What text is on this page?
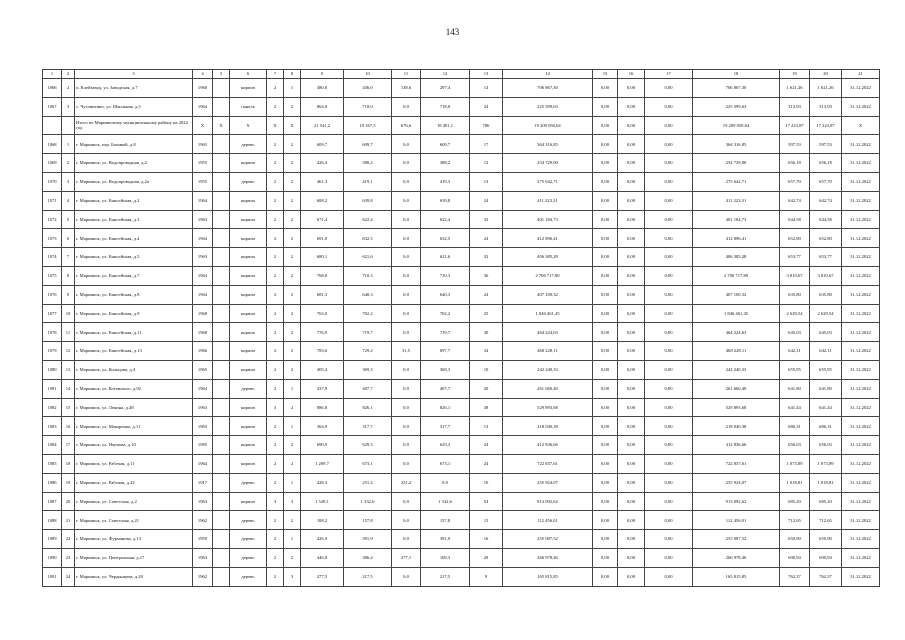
143
1	2	3	4	5	6	7	8	9	10	11	12	13	14	15	16	17	18	19	20	21
1066	2	п. Клейзавод, ул. Заводская, д.7	1960		кирпич	2	1	480,0	436,0	138,6	297,4	14	706 867,30	0,00	0,00	0,00	706 867,30	1 621,26	1 621,26	31.12.2022
1067	3	с. Чусовитино, ул. Школьная, д.5	1964		панель	2	2	864,0	718,0	0,0	718,0	24	225 399,63	0,00	0,00	0,00	225 399,63	313,93	313,93	31.12.2022
		Итого по Мариинскому муниципальному району на 2022 год	X	X	X	X	X	21 541,2	19 167,5	676,6	18 491,1	786	19 209 050,64	0,00	0,00	0,00	19 209 050,64	17 223,87	17 223,87	X
1068	1	г. Мариинск, пер. Базовый, д.8	1965		дерево	2	2	609,7	609,7	0,0	609,7	17	364 316,85	0,00	0,00	0,00	364 316,85	597,53	597,53	31.12.2022
1069	2	г. Мариинск, ул. Водопроводная, д.2	1955		кирпич	2	2	426,3	388,2	0,0	388,2	12	254 729,00	0,00	0,00	0,00	254 729,00	656,18	656,18	31.12.2022
1070	3	г. Мариинск, ул. Водопроводная, д.2а	1955		дерево	2	2	461,3	419,1	0,0	419,3	13	275 642,71	0,00	0,00	0,00	275 642,71	657,70	657,70	31.12.2022
1071	4	г. Мариинск, ул. Енисейская, д.2	1964		кирпич	2	2	688,2	639,8	0,0	639,8	24	411 223,31	0,00	0,00	0,00	411 223,31	642,74	642,74	31.12.2022
1072	5	г. Мариинск, ул. Енисейская, д.3	1963		кирпич	2	2	671,4	622,4	0,0	622,4	33	401 184,73	0,00	0,00	0,00	401 184,73	644,58	644,58	31.12.2022
1073	6	г. Мариинск, ул. Енисейская, д.4	1964		кирпич	2	2	691,0	632,5	0,0	632,5	24	412 896,41	0,00	0,00	0,00	412 896,41	652,80	652,80	31.12.2022
1074	7	г. Мариинск, ул. Енисейская, д.5	1963		кирпич	2	2	680,1	621,6	0,0	621,6	32	406 385,28	0,00	0,00	0,00	406 385,28	653,77	653,77	31.12.2022
1075	8	г. Мариинск, ул. Енисейская, д.7	1964		кирпич	2	2	768,8	710,3	0,0	710,3	36	2 706 717,80	0,00	0,00	0,00	2 706 717,80	3 810,67	3 810,67	31.12.2022
1076	9	г. Мариинск, ул. Енисейская, д.8	1964		кирпич	2	2	681,3	640,3	0,0	640,3	24	407 100,32	0,00	0,00	0,00	407 100,32	635,80	635,80	31.12.2022
1077	10	г. Мариинск, ул. Енисейская, д.9	1968		кирпич	2	2	763,0	702,2	0,0	702,2	25	1 846 461,45	0,00	0,00	0,00	1 846 461,45	2 629,54	2 629,54	31.12.2022
1078	11	г. Мариинск, ул. Енисейская, д.11	1968		кирпич	2	2	776,9	719,7	0,0	719,7	30	464 224,63	0,00	0,00	0,00	464 224,63	645,03	645,03	31.12.2022
1079	12	г. Мариинск, ул. Енисейская, д.13	1966		кирпич	2	2	783,6	729,2	31,5	697,7	34	468 228,11	0,00	0,00	0,00	468 228,11	642,11	642,11	31.12.2022
1080	13	г. Мариинск, ул. Кольцова, д.4	1965		кирпич	2	2	405,4	369,3	0,0	369,3	10	242 240,33	0,00	0,00	0,00	242 240,33	655,95	655,95	31.12.2022
1081	14	г. Мариинск, ул. Котовского, д.92	1964		дерево	2	1	437,9	407,7	0,0	407,7	20	261 660,40	0,00	0,00	0,00	261 660,40	641,80	641,80	31.12.2022
1082	15	г. Мариинск, ул. Ленина, д.48	1963		кирпич	3	2	886,8	826,1	0,0	826,1	38	529 893,68	0,00	0,00	0,00	529 893,68	641,44	641,44	31.12.2022
1083	16	г. Мариинск, ул. Макаренко, д.11	1963		кирпич	2	1	364,9	317,7	0,0	317,7	13	218 040,38	0,00	0,00	0,00	218 040,38	686,31	686,31	31.12.2022
1084	17	г. Мариинск, ул. Наумова, д.10	1985		кирпич	2	2	690,9	629,3	0,0	629,3	24	412 836,66	0,00	0,00	0,00	412 836,66	656,03	656,03	31.12.2022
1085	18	г. Мариинск, ул. Рабочая, д.11	1964		кирпич	2	2	1 209,7	673,1	0,0	673,1	24	722 837,61	0,00	0,00	0,00	722 837,61	1 073,89	1 073,89	31.12.2022
1086	19	г. Мариинск, ул. Рабочая, д.22	1917		дерево	2	1	428,3	251,2	251,2	0,0	10	255 924,07	0,00	0,00	0,00	255 924,07	1 018,81	1 018,81	31.12.2022
1087	20	г. Мариинск, ул. Советская, д.2	1963		кирпич	3	3	1 528,1	1 332,6	0,0	1 332,6	54	913 092,62	0,00	0,00	0,00	913 092,62	685,20	685,20	31.12.2022
1088	21	г. Мариинск, ул. Советская, д.21	1962		дерево	2	2	188,2	157,8	0,0	157,8	15	112 456,01	0,00	0,00	0,00	112 456,01	712,65	712,65	31.12.2022
1089	22	г. Мариинск, ул. Фурманова, д.13	1959		дерево	2	1	426,9	391,9	0,0	391,9	16	255 087,52	0,00	0,00	0,00	255 087,52	650,90	650,90	31.12.2022
1090	23	г. Мариинск, ул. Центральная, д.17	1963		дерево	2	2	446,8	386,4	277,1	109,3	29	266 978,46	0,00	0,00	0,00	266 978,46	690,94	690,94	31.12.2022
1091	24	г. Мариинск, ул. Чердынцева, д.20	1962		дерево	2	3	277,5	217,5	0,0	217,5	9	165 815,85	0,00	0,00	0,00	165 815,85	762,37	762,37	31.12.2022
